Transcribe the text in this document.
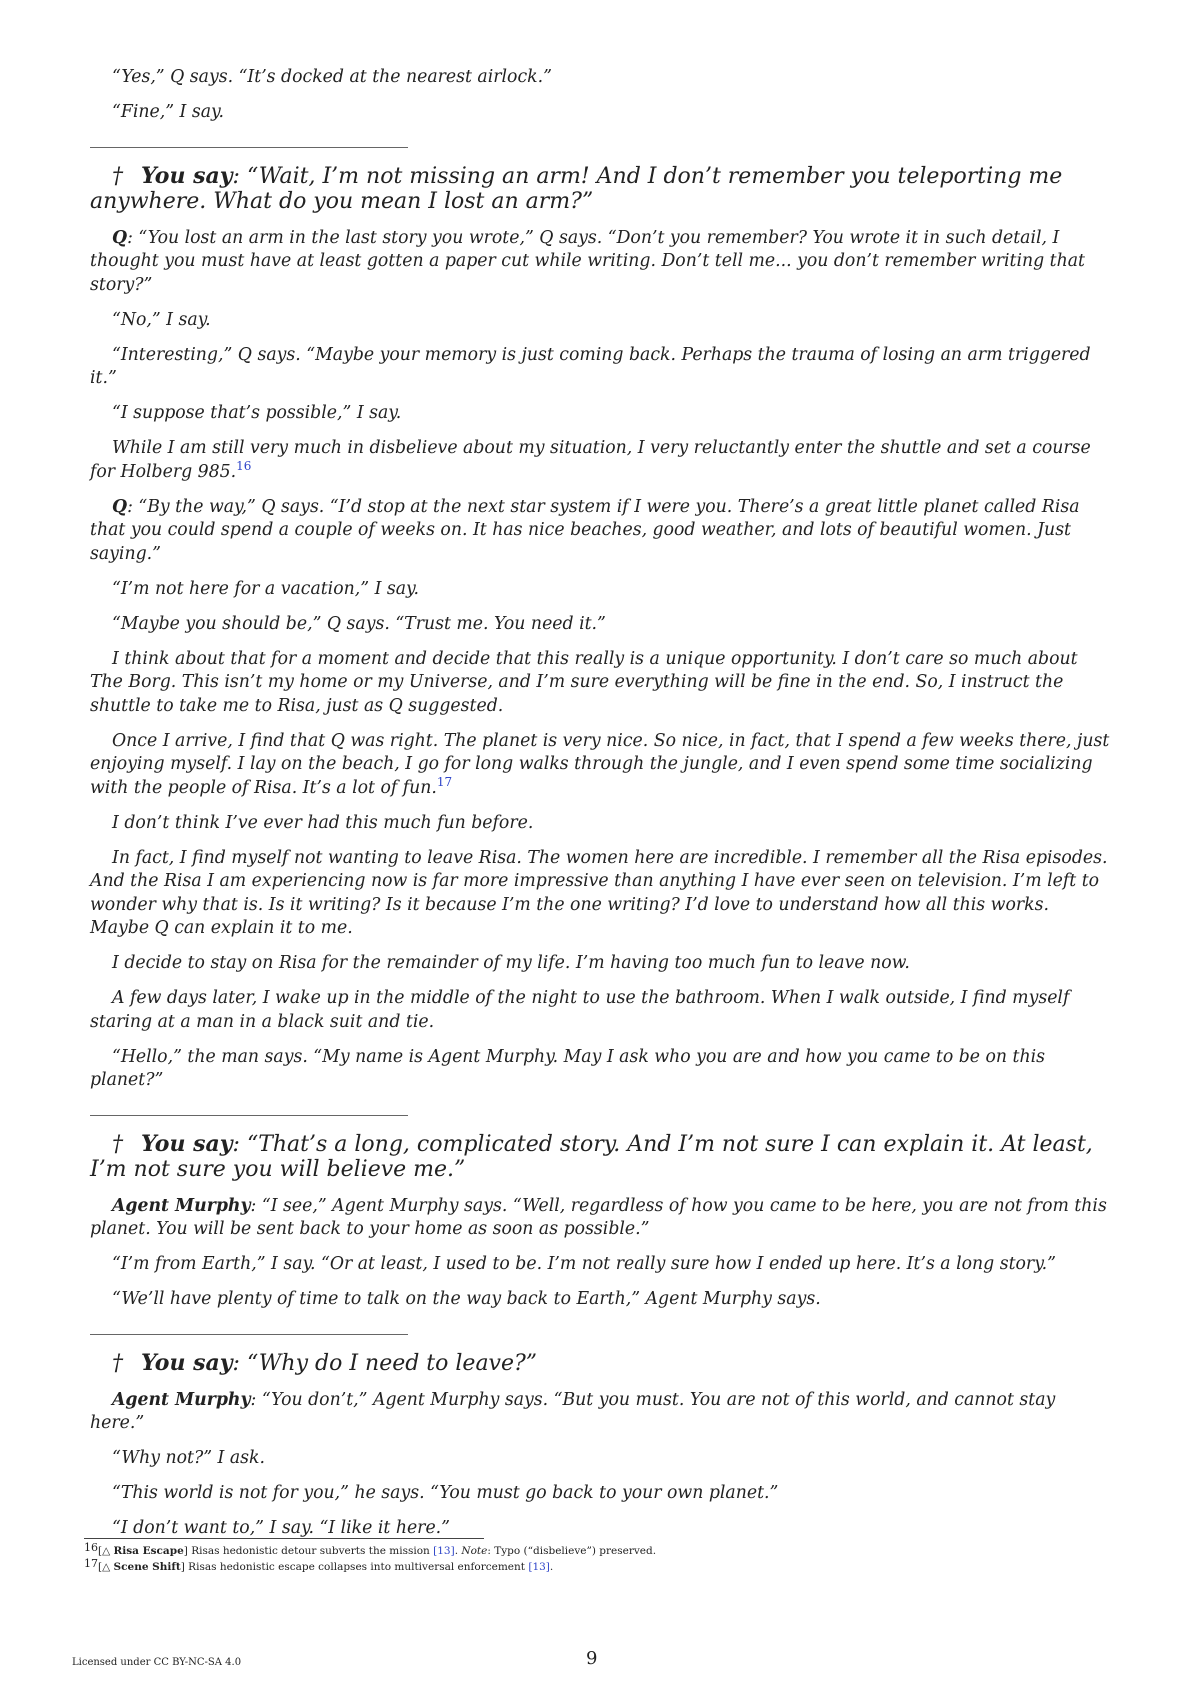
“Yes,” Q says. “It’s docked at the nearest airlock.”

“Fine,” I say.

† You say: “Wait, I’m not missing an arm! And I don’t remember you teleporting me anywhere. What do you mean I lost an arm?”

Q: “You lost an arm in the last story you wrote,” Q says. “Don’t you remember? You wrote it in such detail, I thought you must have at least gotten a paper cut while writing. Don’t tell me... you don’t remember writing that story?”

“No,” I say.

“Interesting,” Q says. “Maybe your memory is just coming back. Perhaps the trauma of losing an arm triggered it.”

“I suppose that’s possible,” I say.

While I am still very much in disbelieve about my situation, I very reluctantly enter the shuttle and set a course for Holberg 985.16

Q: “By the way,” Q says. “I’d stop at the next star system if I were you. There’s a great little planet called Risa that you could spend a couple of weeks on. It has nice beaches, good weather, and lots of beautiful women. Just saying.”

“I’m not here for a vacation,” I say.

“Maybe you should be,” Q says. “Trust me. You need it.”

I think about that for a moment and decide that this really is a unique opportunity. I don’t care so much about The Borg. This isn’t my home or my Universe, and I’m sure everything will be fine in the end. So, I instruct the shuttle to take me to Risa, just as Q suggested.

Once I arrive, I find that Q was right. The planet is very nice. So nice, in fact, that I spend a few weeks there, just enjoying myself. I lay on the beach, I go for long walks through the jungle, and I even spend some time socializing with the people of Risa. It’s a lot of fun.$^{17}$

I don’t think I’ve ever had this much fun before.

In fact, I find myself not wanting to leave Risa. The women here are incredible. I remember all the Risa episodes. And the Risa I am experiencing now is far more impressive than anything I have ever seen on television. I’m left to wonder why that is. Is it writing? Is it because I’m the one writing? I’d love to understand how all this works. Maybe Q can explain it to me.

I decide to stay on Risa for the remainder of my life. I’m having too much fun to leave now.

A few days later, I wake up in the middle of the night to use the bathroom. When I walk outside, I find myself staring at a man in a black suit and tie.

“Hello,” the man says. “My name is Agent Murphy. May I ask who you are and how you came to be on this planet?”

† You say: “That’s a long, complicated story. And I’m not sure I can explain it. At least, I’m not sure you will believe me.”

Agent Murphy: “I see,” Agent Murphy says. “Well, regardless of how you came to be here, you are not from this planet. You will be sent back to your home as soon as possible.”

“I’m from Earth,” I say. “Or at least, I used to be. I’m not really sure how I ended up here. It’s a long story.”

“We’ll have plenty of time to talk on the way back to Earth,” Agent Murphy says.

† You say: “Why do I need to leave?”

Agent Murphy: “You don’t,” Agent Murphy says. “But you must. You are not of this world, and cannot stay here.”

“Why not?” I ask.

“This world is not for you,” he says. “You must go back to your own planet.”

“I don’t want to,” I say. “I like it here.”

$^{16}$[△ Risa Escape] Risas hedonistic detour subverts the mission [13]. Note: Typo (“disbelieve”) preserved.
$^{17}$[△ Scene Shift] Risas hedonistic escape collapses into multiversal enforcement [13].
Licensed under CC BY-NC-SA 4.0	9
